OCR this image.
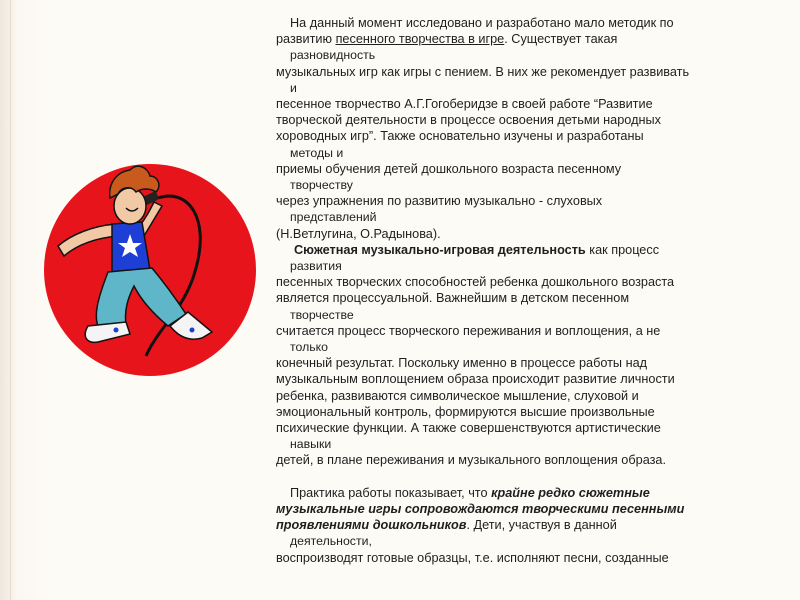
На данный момент исследовано и разработано мало методик по
развитию песенного творчества в игре. Существует такая
разновидность
музыкальных игр как игры с пением. В них же рекомендует развивать
и
песенное творчество А.Г.Гогоберидзе в своей работе “Развитие
творческой деятельности в процессе освоения детьми народных
хороводных игр”. Также основательно изучены и разработаны
методы и
приемы обучения детей дошкольного возраста песенному
творчеству
через упражнения по развитию музыкально - слуховых
представлений
(Н.Ветлугина, О.Радынова).
Сюжетная музыкально-игровая деятельность как процесс
развития
песенных творческих способностей ребенка дошкольного возраста
является процессуальной. Важнейшим в детском песенном
творчестве
считается процесс творческого переживания и воплощения, а не
только
конечный результат. Поскольку именно в процессе работы над
музыкальным воплощением образа происходит развитие личности
ребенка, развиваются символическое мышление, слуховой и
эмоциональный контроль, формируются высшие произвольные
психические функции. А также совершенствуются артистические
навыки
детей, в плане переживания и музыкального воплощения образа.
Практика работы показывает, что крайне редко сюжетные
музыкальные игры сопровождаются творческими песенными
проявлениями дошкольников. Дети, участвуя в данной
деятельности,
воспроизводят готовые образцы, т.е. исполняют песни, созданные
